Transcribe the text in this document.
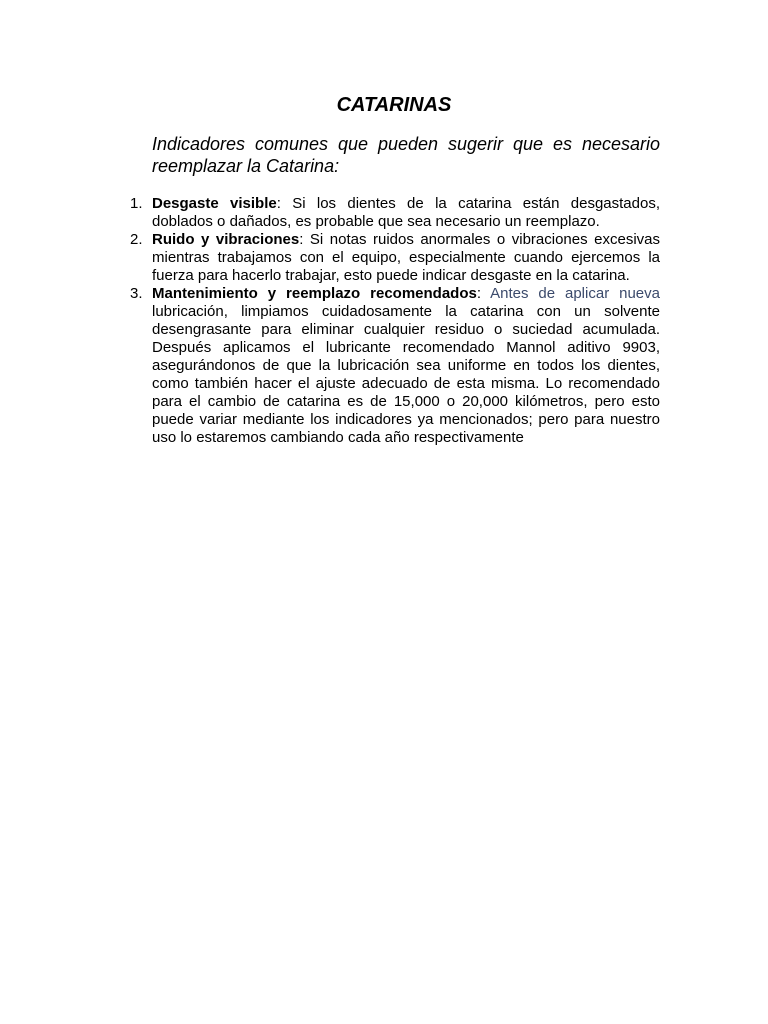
CATARINAS

Indicadores comunes que pueden sugerir que es necesario reemplazar la Catarina:

1. Desgaste visible: Si los dientes de la catarina están desgastados, doblados o dañados, es probable que sea necesario un reemplazo.
2. Ruido y vibraciones: Si notas ruidos anormales o vibraciones excesivas mientras trabajamos con el equipo, especialmente cuando ejercemos la fuerza para hacerlo trabajar, esto puede indicar desgaste en la catarina.
3. Mantenimiento y reemplazo recomendados: Antes de aplicar nueva lubricación, limpiamos cuidadosamente la catarina con un solvente desengrasante para eliminar cualquier residuo o suciedad acumulada. Después aplicamos el lubricante recomendado Mannol aditivo 9903, asegurándonos de que la lubricación sea uniforme en todos los dientes, como también hacer el ajuste adecuado de esta misma. Lo recomendado para el cambio de catarina es de 15,000 o 20,000 kilómetros, pero esto puede variar mediante los indicadores ya mencionados; pero para nuestro uso lo estaremos cambiando cada año respectivamente
